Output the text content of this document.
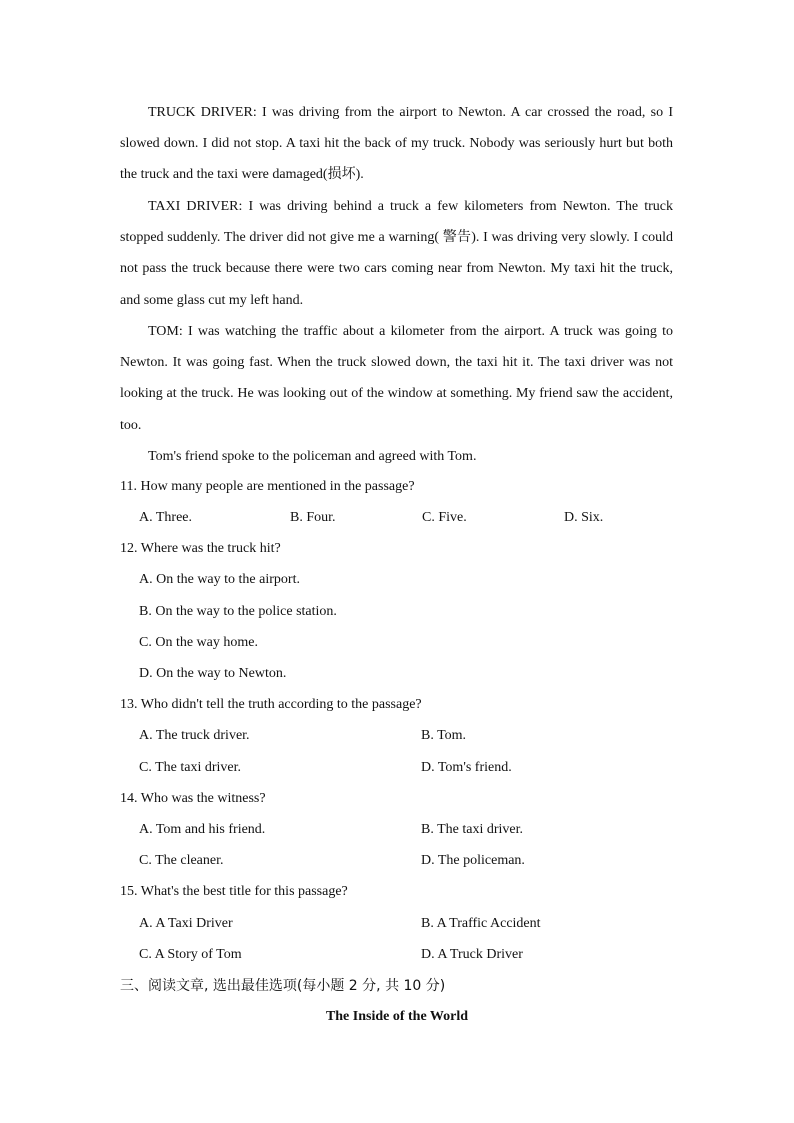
TRUCK DRIVER: I was driving from the airport to Newton. A car crossed the road, so I slowed down. I did not stop. A taxi hit the back of my truck. Nobody was seriously hurt but both the truck and the taxi were damaged(损坏).

TAXI DRIVER: I was driving behind a truck a few kilometers from Newton. The truck stopped suddenly. The driver did not give me a warning( 警告). I was driving very slowly. I could not pass the truck because there were two cars coming near from Newton. My taxi hit the truck, and some glass cut my left hand.

TOM: I was watching the traffic about a kilometer from the airport. A truck was going to Newton. It was going fast. When the truck slowed down, the taxi hit it. The taxi driver was not looking at the truck. He was looking out of the window at something. My friend saw the accident, too.

Tom's friend spoke to the policeman and agreed with Tom.

11. How many people are mentioned in the passage?
A. Three.	B. Four.	C. Five.	D. Six.
12. Where was the truck hit?
A. On the way to the airport.
B. On the way to the police station.
C. On the way home.
D. On the way to Newton.
13. Who didn't tell the truth according to the passage?
A. The truck driver.	B. Tom.
C. The taxi driver.	D. Tom's friend.
14. Who was the witness?
A. Tom and his friend.	B. The taxi driver.
C. The cleaner.	D. The policeman.
15. What's the best title for this passage?
A. A Taxi Driver	B. A Traffic Accident
C. A Story of Tom	D. A Truck Driver
三、阅读文章, 选出最佳选项(每小题 2 分, 共 10 分)
The Inside of the World
